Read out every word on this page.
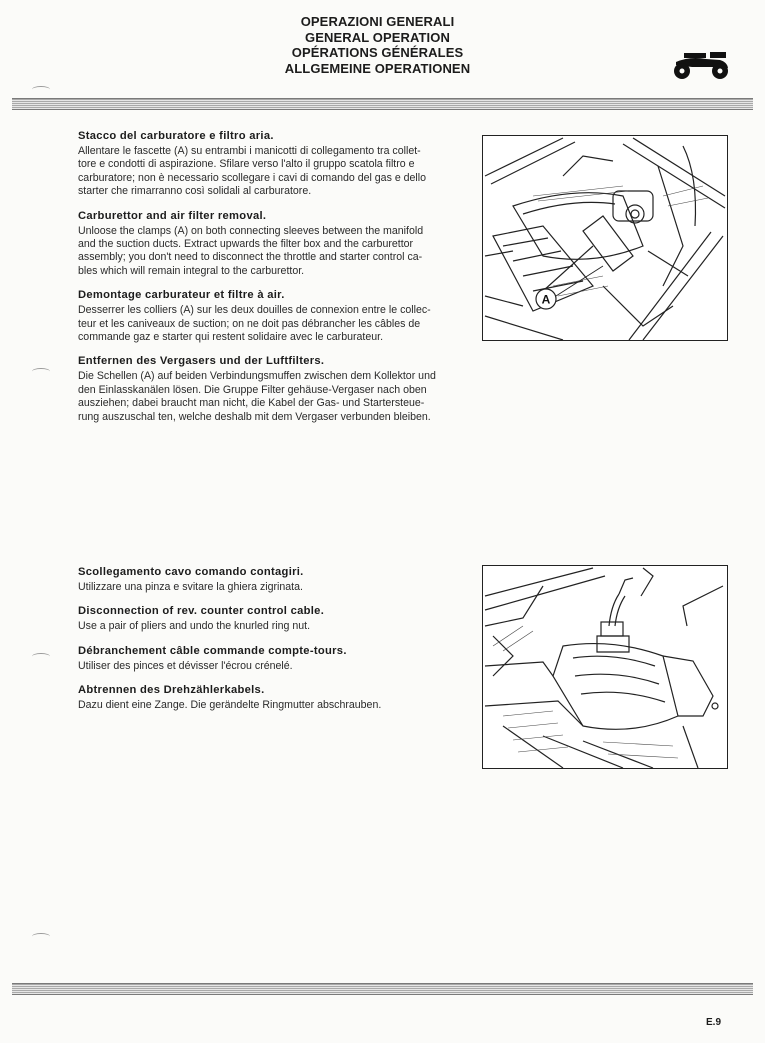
OPERAZIONI GENERALI
GENERAL OPERATION
OPÉRATIONS GÉNÉRALES
ALLGEMEINE OPERATIONEN
Stacco del carburatore e filtro aria.

Allentare le fascette (A) su entrambi i manicotti di collegamento tra collet-
tore e condotti di aspirazione. Sfilare verso l'alto il gruppo scatola filtro e
carburatore; non è necessario scollegare i cavi di comando del gas e dello
starter che rimarranno così solidali al carburatore.

Carburettor and air filter removal.

Unloose the clamps (A) on both connecting sleeves between the manifold
and the suction ducts. Extract upwards the filter box and the carburettor
assembly; you don't need to disconnect the throttle and starter control ca-
bles which will remain integral to the carburettor.

Demontage carburateur et filtre à air.

Desserrer les colliers (A) sur les deux douilles de connexion entre le collec-
teur et les caniveaux de suction; on ne doit pas débrancher les câbles de
commande gaz e starter qui restent solidaire avec le carburateur.

Entfernen des Vergasers und der Luftfilters.

Die Schellen (A) auf beiden Verbindungsmuffen zwischen dem Kollektor und
den Einlasskanälen lösen. Die Gruppe Filter gehäuse-Vergaser nach oben
ausziehen; dabei braucht man nicht, die Kabel der Gas- und Startersteue-
rung auszuschal ten, welche deshalb mit dem Vergaser verbunden bleiben.

A
Scollegamento cavo comando contagiri.

Utilizzare una pinza e svitare la ghiera zigrinata.

Disconnection of rev. counter control cable.

Use a pair of pliers and undo the knurled ring nut.

Débranchement câble commande compte-tours.

Utiliser des pinces et dévisser l'écrou crénelé.

Abtrennen des Drehzählerkabels.

Dazu dient eine Zange. Die gerändelte Ringmutter abschrauben.

E.9
